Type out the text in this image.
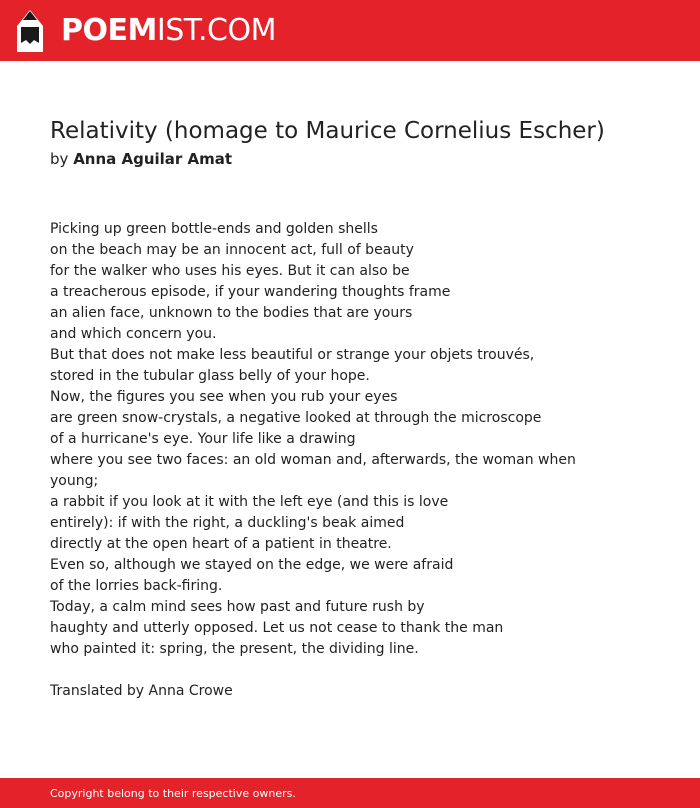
POEMIST.COM
Relativity (homage to Maurice Cornelius Escher)
by Anna Aguilar Amat
Picking up green bottle-ends and golden shells
on the beach may be an innocent act, full of beauty
for the walker who uses his eyes. But it can also be
a treacherous episode, if your wandering thoughts frame
an alien face, unknown to the bodies that are yours
and which concern you.
But that does not make less beautiful or strange your objets trouvés,
stored in the tubular glass belly of your hope.
Now, the figures you see when you rub your eyes
are green snow-crystals, a negative looked at through the microscope
of a hurricane's eye. Your life like a drawing
where you see two faces: an old woman and, afterwards, the woman when
young;
a rabbit if you look at it with the left eye (and this is love
entirely): if with the right, a duckling's beak aimed
directly at the open heart of a patient in theatre.
Even so, although we stayed on the edge, we were afraid
of the lorries back-firing.
Today, a calm mind sees how past and future rush by
haughty and utterly opposed. Let us not cease to thank the man
who painted it: spring, the present, the dividing line.
Translated by Anna Crowe
Copyright belong to their respective owners.
